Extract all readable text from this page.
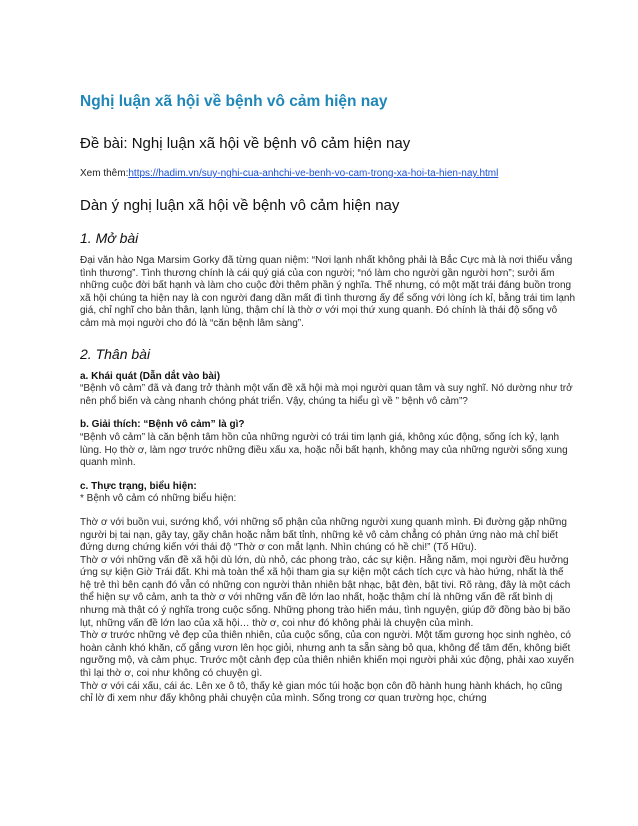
Nghị luận xã hội về bệnh vô cảm hiện nay
Đề bài: Nghị luận xã hội về bệnh vô cảm hiện nay

Xem thêm:https://hadim.vn/suy-nghi-cua-anhchi-ve-benh-vo-cam-trong-xa-hoi-ta-hien-nay.html

Dàn ý nghị luận xã hội về bệnh vô cảm hiện nay
1. Mở bài

Đại văn hào Nga Marsim Gorky đã từng quan niệm: “Nơi lạnh nhất không phải là Bắc Cực mà là nơi thiếu vắng tình thương”. Tình thương chính là cái quý giá của con người; “nó làm cho người gần người hơn”; sưởi ấm những cuộc đời bất hạnh và làm cho cuộc đời thêm phần ý nghĩa. Thế nhưng, có một mặt trái đáng buồn trong xã hội chúng ta hiện nay là con người đang dần mất đi tình thương ấy để sống với lòng ích kỉ, bằng trái tim lạnh giá, chỉ nghĩ cho bản thân, lạnh lùng, thậm chí là thờ ơ với mọi thứ xung quanh. Đó chính là thái độ sống vô cảm mà mọi người cho đó là “căn bệnh lâm sàng”.

2. Thân bài

a. Khái quát (Dẫn dắt vào bài)
“Bệnh vô cảm” đã và đang trở thành một vấn đề xã hội mà mọi người quan tâm và suy nghĩ. Nó dường như trở nên phổ biến và càng nhanh chóng phát triển. Vậy, chúng ta hiểu gì về ” bệnh vô cảm”?

b. Giải thích: “Bệnh vô cảm” là gì?
“Bệnh vô cảm” là căn bệnh tâm hồn của những người có trái tim lạnh giá, không xúc động, sống ích kỷ, lạnh lùng. Họ thờ ơ, làm ngơ trước những điều xấu xa, hoặc nỗi bất hạnh, không may của những người sống xung quanh mình.

c. Thực trạng, biểu hiện:
* Bệnh vô cảm có những biểu hiện:

Thờ ơ với buồn vui, sướng khổ, với những số phận của những người xung quanh mình. Đi đường gặp những người bị tai nạn, gây tay, gãy chân hoặc nằm bất tỉnh, những kẻ vô cảm chẳng có phản ứng nào mà chỉ biết đứng dưng chứng kiến với thái độ “Thờ ơ con mắt lạnh. Nhìn chúng có hề chi!” (Tố Hữu).

Thờ ơ với những vấn đề xã hội dù lớn, dù nhỏ, các phong trào, các sự kiện. Hằng năm, mọi người đều hưởng ứng sự kiện Giờ Trái đất. Khi mà toàn thể xã hội tham gia sự kiện một cách tích cực và hào hứng, nhất là thế hệ trẻ thì bên cạnh đó vẫn có những con người thản nhiên bật nhạc, bật đèn, bật tivi. Rõ ràng, đây là một cách thể hiện sự vô cảm, anh ta thờ ơ với những vấn đề lớn lao nhất, hoặc thậm chí là những vấn đề rất bình dị nhưng mà thật có ý nghĩa trong cuộc sống. Những phong trào hiến máu, tình nguyện, giúp đỡ đồng bào bị bão lụt, những vấn đề lớn lao của xã hội… thờ ơ, coi như đó không phải là chuyện của mình.

Thờ ơ trước những vẻ đẹp của thiên nhiên, của cuộc sống, của con người. Một tấm gương học sinh nghèo, có hoàn cảnh khó khăn, cố gắng vươn lên học giỏi, nhưng anh ta sẵn sàng bỏ qua, không để tâm đến, không biết ngưỡng mộ, và cảm phục. Trước một cảnh đẹp của thiên nhiên khiến mọi người phải xúc động, phải xao xuyến thì lại thờ ơ, coi như không có chuyện gì.

Thờ ơ với cái xấu, cái ác. Lên xe ô tô, thấy kẻ gian móc túi hoặc bọn côn đồ hành hung hành khách, họ cũng chỉ lờ đi xem như đấy không phải chuyện của mình. Sống trong cơ quan trường học, chứng
